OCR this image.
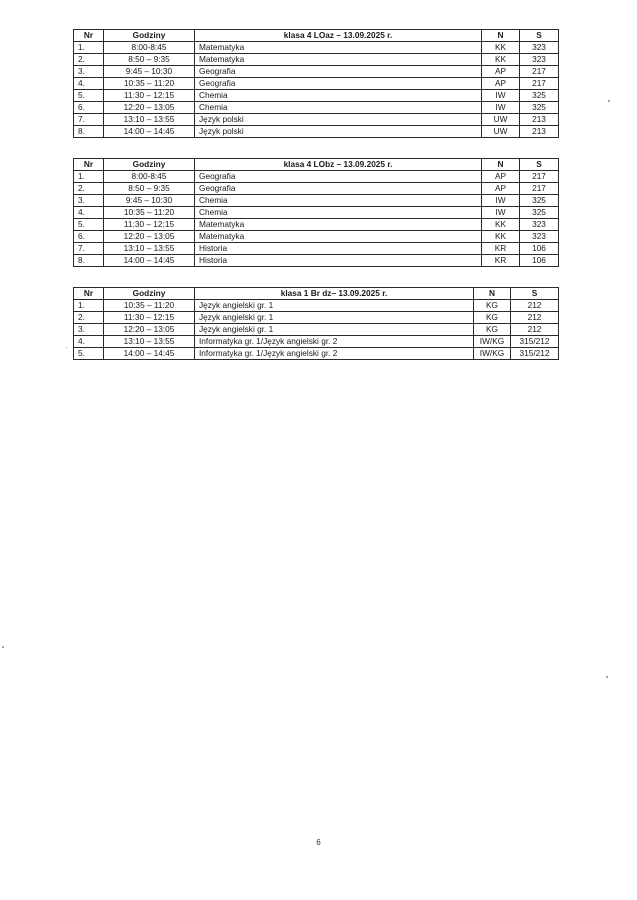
Nr	Godziny	klasa 4 LOaz – 13.09.2025 r.	N	S
1.	8:00-8:45	Matematyka	KK	323
2.	8:50 – 9:35	Matematyka	KK	323
3.	9:45 – 10:30	Geografia	AP	217
4.	10:35 – 11:20	Geografia	AP	217
5.	11:30 – 12:15	Chemia	IW	325
6.	12:20 – 13:05	Chemia	IW	325
7.	13:10 – 13:55	Język polski	UW	213
8.	14:00 – 14:45	Język polski	UW	213
Nr	Godziny	klasa 4 LObz – 13.09.2025 r.	N	S
1.	8:00-8:45	Geografia	AP	217
2.	8:50 – 9:35	Geografia	AP	217
3.	9:45 – 10:30	Chemia	IW	325
4.	10:35 – 11:20	Chemia	IW	325
5.	11:30 – 12:15	Matematyka	KK	323
6.	12:20 – 13:05	Matematyka	KK	323
7.	13:10 – 13:55	Historia	KR	106
8.	14:00 – 14:45	Historia	KR	106
Nr	Godziny	klasa 1 Br dz– 13.09.2025 r.	N	S
1.	10:35 – 11:20	Język angielski gr. 1	KG	212
2.	11:30 – 12:15	Język angielski gr. 1	KG	212
3.	12:20 – 13:05	Język angielski gr. 1	KG	212
4.	13:10 – 13:55	Informatyka gr. 1/Język angielski gr. 2	IW/KG	315/212
5.	14:00 – 14:45	Informatyka gr. 1/Język angielski gr. 2	IW/KG	315/212
6
